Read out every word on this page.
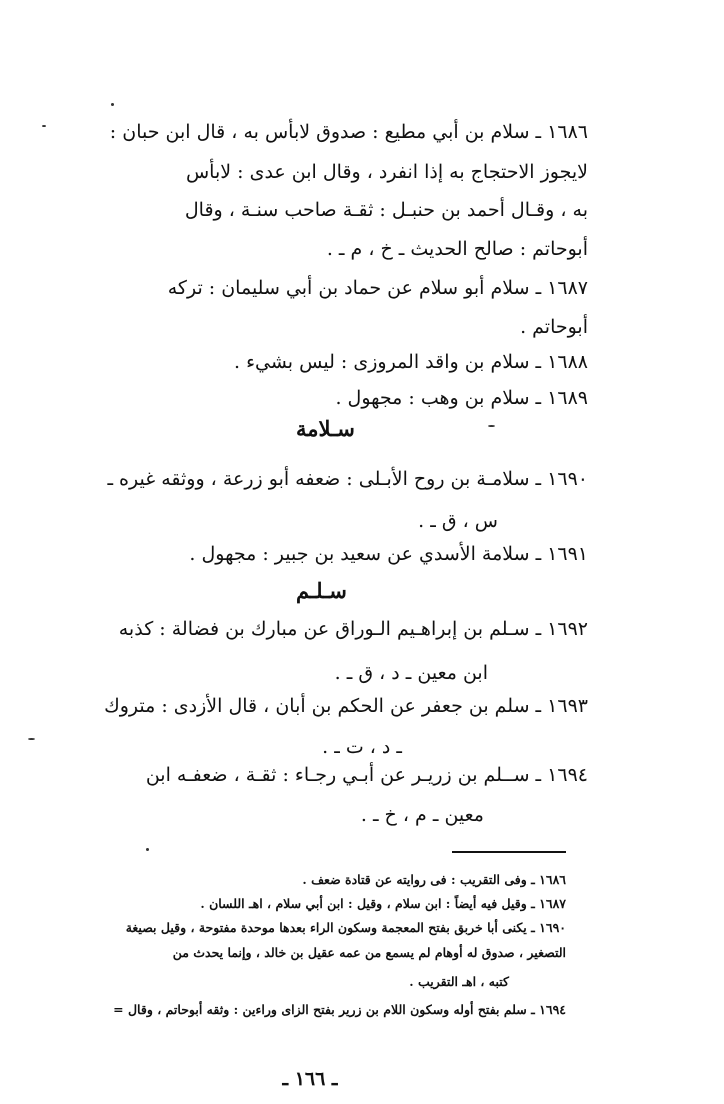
١٦٨٦ ـ سلام بن أبي مطيع : صدوق لابأس به ، قال ابن حبان :
لايجوز الاحتجاج به إذا انفرد ، وقال ابن عدى : لابأس
به ، وقـال أحمد بن حنبـل : ثقـة صاحب سنـة ، وقال
أبوحاتم : صالح الحديث ـ خ ، م ـ .
١٦٨٧ ـ سلام أبو سلام عن حماد بن أبي سليمان : تركه
أبوحاتم .
١٦٨٨ ـ سلام بن واقد المروزى : ليس بشيء .
١٦٨٩ ـ سلام بن وهب : مجهول .
سـلامة
١٦٩٠ ـ سلامـة بن روح الأبـلى : ضعفه أبو زرعة ، ووثقه غيره ـ
س ، ق ـ .
١٦٩١ ـ سلامة الأسدي عن سعيد بن جبير : مجهول .
سـلـم
١٦٩٢ ـ سـلم بن إبراهـيم الـوراق عن مبارك بن فضالة : كذبه
ابن معين ـ د ، ق ـ .
١٦٩٣ ـ سلم بن جعفر عن الحكم بن أبان ، قال الأزدى : متروك
ـ د ، ت ـ .
١٦٩٤ ـ ســلم بن زريـر عن أبـي رجـاء : ثقـة ، ضعفـه ابن
معين ـ م ، خ ـ .
١٦٨٦ ـ وفى التقريب : فى روايته عن قتادة ضعف .
١٦٨٧ ـ وقيل فيه أيضاً : ابن سلام ، وقيل : ابن أبي سلام ، اهـ اللسان .
١٦٩٠ ـ يكنى أبا خربق بفتح المعجمة وسكون الراء بعدها موحدة مفتوحة ، وقيل بصيغة
التصغير ، صدوق له أوهام لم يسمع من عمه عقيل بن خالد ، وإنما يحدث من
كتبه ، اهـ التقريب .
١٦٩٤ ـ سلم بفتح أوله وسكون اللام بن زرير بفتح الزاى وراءين : وثقه أبوحاتم ، وقال =
ـ ١٦٦ ـ
